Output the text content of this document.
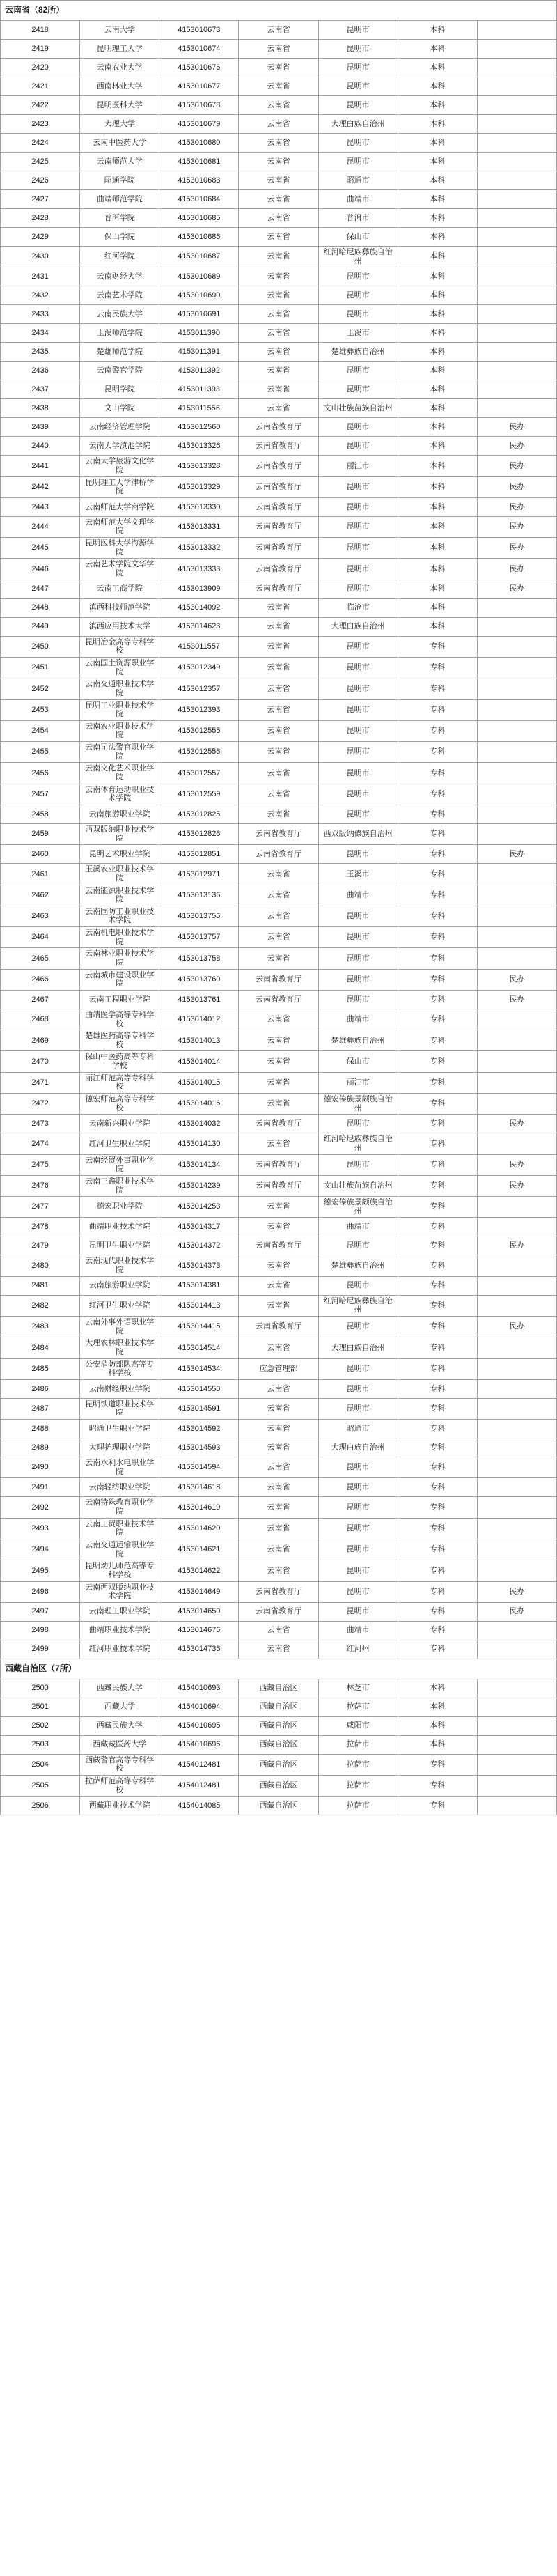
云南省（82所）						
2418	云南大学	4153010673	云南省	昆明市	本科	
2419	昆明理工大学	4153010674	云南省	昆明市	本科	
2420	云南农业大学	4153010676	云南省	昆明市	本科	
2421	西南林业大学	4153010677	云南省	昆明市	本科	
2422	昆明医科大学	4153010678	云南省	昆明市	本科	
2423	大理大学	4153010679	云南省	大理白族自治州	本科	
2424	云南中医药大学	4153010680	云南省	昆明市	本科	
2425	云南师范大学	4153010681	云南省	昆明市	本科	
2426	昭通学院	4153010683	云南省	昭通市	本科	
2427	曲靖师范学院	4153010684	云南省	曲靖市	本科	
2428	普洱学院	4153010685	云南省	普洱市	本科	
2429	保山学院	4153010686	云南省	保山市	本科	
2430	红河学院	4153010687	云南省	红河哈尼族彝族自治州	本科	
2431	云南财经大学	4153010689	云南省	昆明市	本科	
2432	云南艺术学院	4153010690	云南省	昆明市	本科	
2433	云南民族大学	4153010691	云南省	昆明市	本科	
2434	玉溪师范学院	4153011390	云南省	玉溪市	本科	
2435	楚雄师范学院	4153011391	云南省	楚雄彝族自治州	本科	
2436	云南警官学院	4153011392	云南省	昆明市	本科	
2437	昆明学院	4153011393	云南省	昆明市	本科	
2438	文山学院	4153011556	云南省	文山壮族苗族自治州	本科	
2439	云南经济管理学院	4153012560	云南省教育厅	昆明市	本科	民办
2440	云南大学滇池学院	4153013326	云南省教育厅	昆明市	本科	民办
2441	云南大学旅游文化学院	4153013328	云南省教育厅	丽江市	本科	民办
2442	昆明理工大学津桥学院	4153013329	云南省教育厅	昆明市	本科	民办
2443	云南师范大学商学院	4153013330	云南省教育厅	昆明市	本科	民办
2444	云南师范大学文理学院	4153013331	云南省教育厅	昆明市	本科	民办
2445	昆明医科大学海源学院	4153013332	云南省教育厅	昆明市	本科	民办
2446	云南艺术学院文华学院	4153013333	云南省教育厅	昆明市	本科	民办
2447	云南工商学院	4153013909	云南省教育厅	昆明市	本科	民办
2448	滇西科技师范学院	4153014092	云南省	临沧市	本科	
2449	滇西应用技术大学	4153014623	云南省	大理白族自治州	本科	
2450	昆明冶金高等专科学校	4153011557	云南省	昆明市	专科	
2451	云南国土资源职业学院	4153012349	云南省	昆明市	专科	
2452	云南交通职业技术学院	4153012357	云南省	昆明市	专科	
2453	昆明工业职业技术学院	4153012393	云南省	昆明市	专科	
2454	云南农业职业技术学院	4153012555	云南省	昆明市	专科	
2455	云南司法警官职业学院	4153012556	云南省	昆明市	专科	
2456	云南文化艺术职业学院	4153012557	云南省	昆明市	专科	
2457	云南体育运动职业技术学院	4153012559	云南省	昆明市	专科	
2458	云南旅游职业学院	4153012825	云南省	昆明市	专科	
2459	西双版纳职业技术学院	4153012826	云南省教育厅	西双版纳傣族自治州	专科	
2460	昆明艺术职业学院	4153012851	云南省教育厅	昆明市	专科	民办
2461	玉溪农业职业技术学院	4153012971	云南省	玉溪市	专科	
2462	云南能源职业技术学院	4153013136	云南省	曲靖市	专科	
2463	云南国防工业职业技术学院	4153013756	云南省	昆明市	专科	
2464	云南机电职业技术学院	4153013757	云南省	昆明市	专科	
2465	云南林业职业技术学院	4153013758	云南省	昆明市	专科	
2466	云南城市建设职业学院	4153013760	云南省教育厅	昆明市	专科	民办
2467	云南工程职业学院	4153013761	云南省教育厅	昆明市	专科	民办
2468	曲靖医学高等专科学校	4153014012	云南省	曲靖市	专科	
2469	楚雄医药高等专科学校	4153014013	云南省	楚雄彝族自治州	专科	
2470	保山中医药高等专科学校	4153014014	云南省	保山市	专科	
2471	丽江师范高等专科学校	4153014015	云南省	丽江市	专科	
2472	德宏师范高等专科学校	4153014016	云南省	德宏傣族景颇族自治州	专科	
2473	云南新兴职业学院	4153014032	云南省教育厅	昆明市	专科	民办
2474	红河卫生职业学院	4153014130	云南省	红河哈尼族彝族自治州	专科	
2475	云南经贸外事职业学院	4153014134	云南省教育厅	昆明市	专科	民办
2476	云南三鑫职业技术学院	4153014239	云南省教育厅	文山壮族苗族自治州	专科	民办
2477	德宏职业学院	4153014253	云南省	德宏傣族景颇族自治州	专科	
2478	曲靖职业技术学院	4153014317	云南省	曲靖市	专科	
2479	昆明卫生职业学院	4153014372	云南省教育厅	昆明市	专科	民办
2480	云南现代职业技术学院	4153014373	云南省	楚雄彝族自治州	专科	
2481	云南旅游职业学院	4153014381	云南省	昆明市	专科	
2482	红河卫生职业学院	4153014413	云南省	红河哈尼族彝族自治州	专科	
2483	云南外事外语职业学院	4153014415	云南省教育厅	昆明市	专科	民办
2484	大理农林职业技术学院	4153014514	云南省	大理白族自治州	专科	
2485	公安消防部队高等专科学校	4153014534	应急管理部	昆明市	专科	
2486	云南财经职业学院	4153014550	云南省	昆明市	专科	
2487	昆明铁道职业技术学院	4153014591	云南省	昆明市	专科	
2488	昭通卫生职业学院	4153014592	云南省	昭通市	专科	
2489	大理护理职业学院	4153014593	云南省	大理白族自治州	专科	
2490	云南水利水电职业学院	4153014594	云南省	昆明市	专科	
2491	云南轻纺职业学院	4153014618	云南省	昆明市	专科	
2492	云南特殊教育职业学院	4153014619	云南省	昆明市	专科	
2493	云南工贸职业技术学院	4153014620	云南省	昆明市	专科	
2494	云南交通运输职业学院	4153014621	云南省	昆明市	专科	
2495	昆明幼儿师范高等专科学校	4153014622	云南省	昆明市	专科	
2496	云南西双版纳职业技术学院	4153014649	云南省教育厅	昆明市	专科	民办
2497	云南理工职业学院	4153014650	云南省教育厅	昆明市	专科	民办
2498	曲靖职业技术学院	4153014676	云南省	曲靖市	专科	
2499	红河职业技术学院	4153014736	云南省	红河州	专科	
西藏自治区（7所）						
2500	西藏民族大学	4154010693	西藏自治区	林芝市	本科	
2501	西藏大学	4154010694	西藏自治区	拉萨市	本科	
2502	西藏民族大学	4154010695	西藏自治区	咸阳市	本科	
2503	西藏藏医药大学	4154010696	西藏自治区	拉萨市	本科	
2504	西藏警官高等专科学校	4154012481	西藏自治区	拉萨市	专科	
2505	拉萨师范高等专科学校	4154012481	西藏自治区	拉萨市	专科	
2506	西藏职业技术学院	4154014085	西藏自治区	拉萨市	专科	
